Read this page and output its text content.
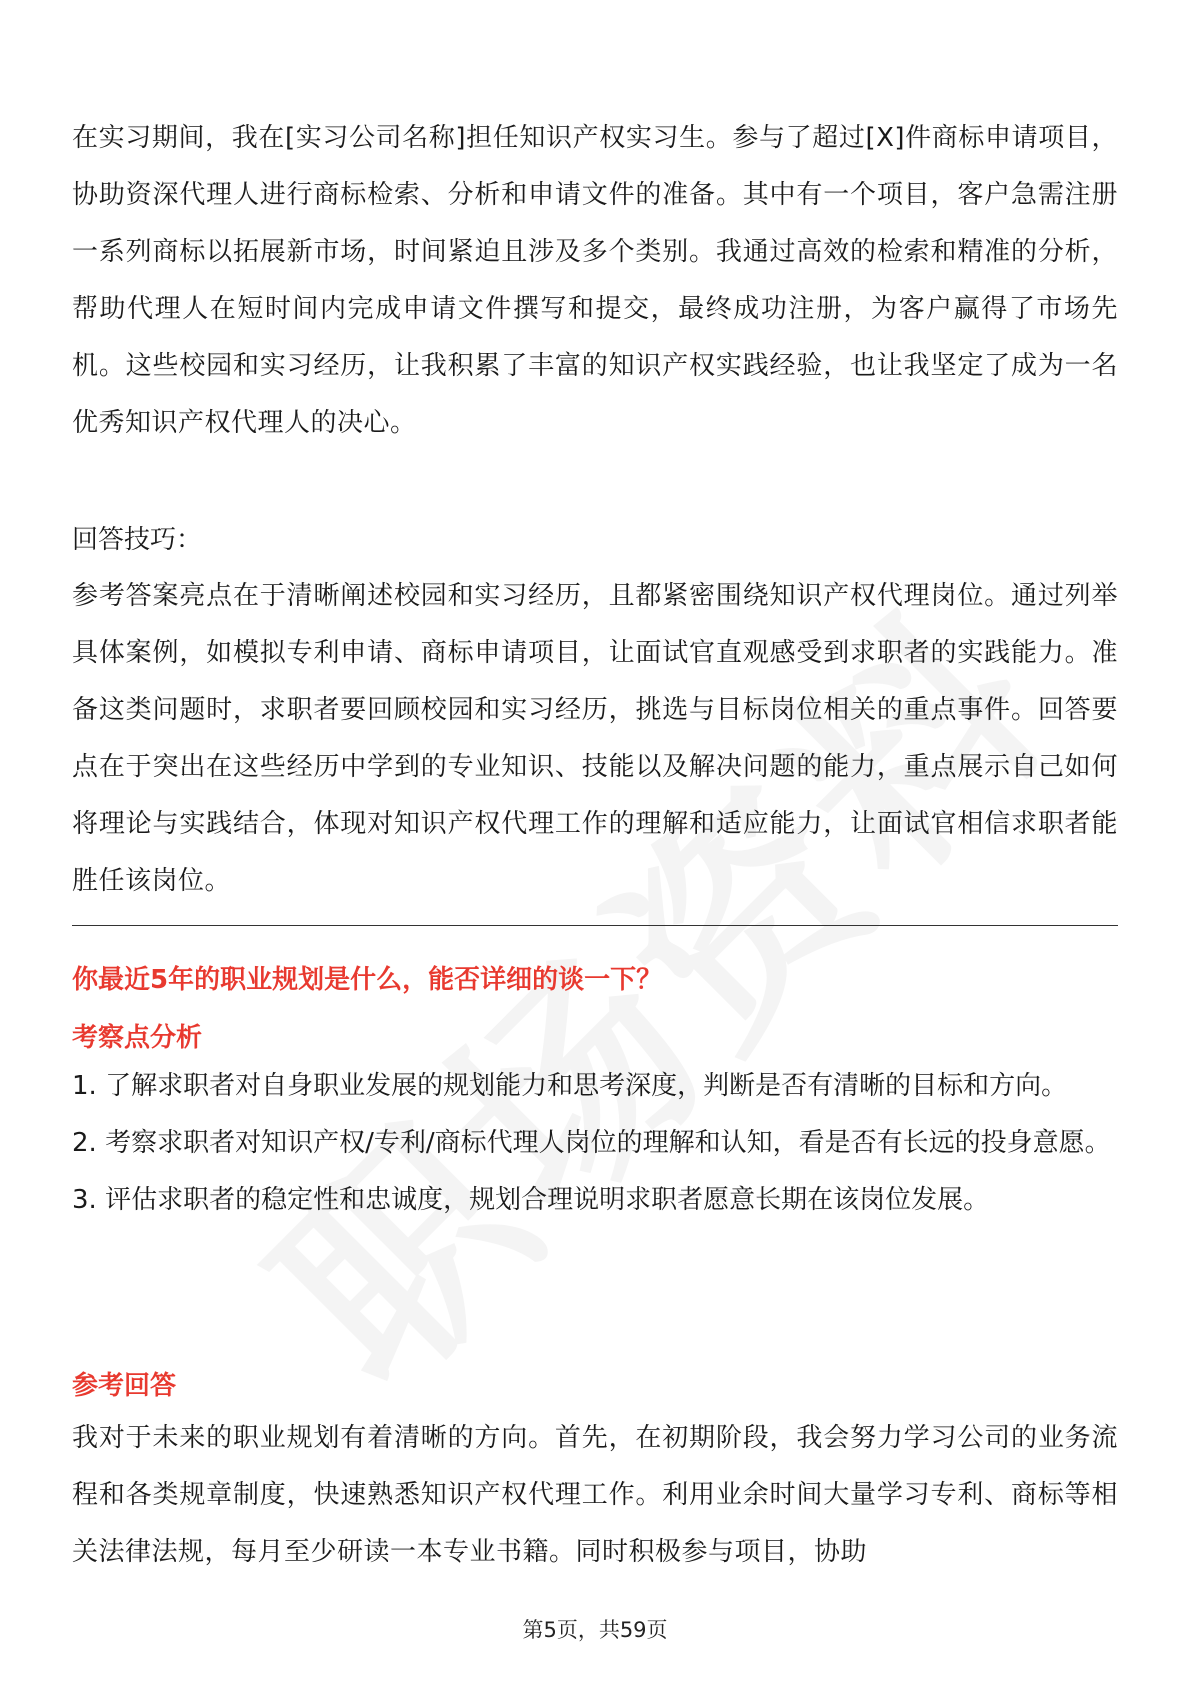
在实习期间，我在[实习公司名称]担任知识产权实习生。参与了超过[X]件商标申请项目，协助资深代理人进行商标检索、分析和申请文件的准备。其中有一个项目，客户急需注册一系列商标以拓展新市场，时间紧迫且涉及多个类别。我通过高效的检索和精准的分析，帮助代理人在短时间内完成申请文件撰写和提交，最终成功注册，为客户赢得了市场先机。这些校园和实习经历，让我积累了丰富的知识产权实践经验，也让我坚定了成为一名优秀知识产权代理人的决心。

回答技巧：

参考答案亮点在于清晰阐述校园和实习经历，且都紧密围绕知识产权代理岗位。通过列举具体案例，如模拟专利申请、商标申请项目，让面试官直观感受到求职者的实践能力。准备这类问题时，求职者要回顾校园和实习经历，挑选与目标岗位相关的重点事件。回答要点在于突出在这些经历中学到的专业知识、技能以及解决问题的能力，重点展示自己如何将理论与实践结合，体现对知识产权代理工作的理解和适应能力，让面试官相信求职者能胜任该岗位。

你最近5年的职业规划是什么，能否详细的谈一下？
考察点分析
1. 了解求职者对自身职业发展的规划能力和思考深度，判断是否有清晰的目标和方向。
2. 考察求职者对知识产权/专利/商标代理人岗位的理解和认知，看是否有长远的投身意愿。
3. 评估求职者的稳定性和忠诚度，规划合理说明求职者愿意长期在该岗位发展。
参考回答

我对于未来的职业规划有着清晰的方向。首先，在初期阶段，我会努力学习公司的业务流程和各类规章制度，快速熟悉知识产权代理工作。利用业余时间大量学习专利、商标等相关法律法规，每月至少研读一本专业书籍。同时积极参与项目，协助

第5页，共59页
